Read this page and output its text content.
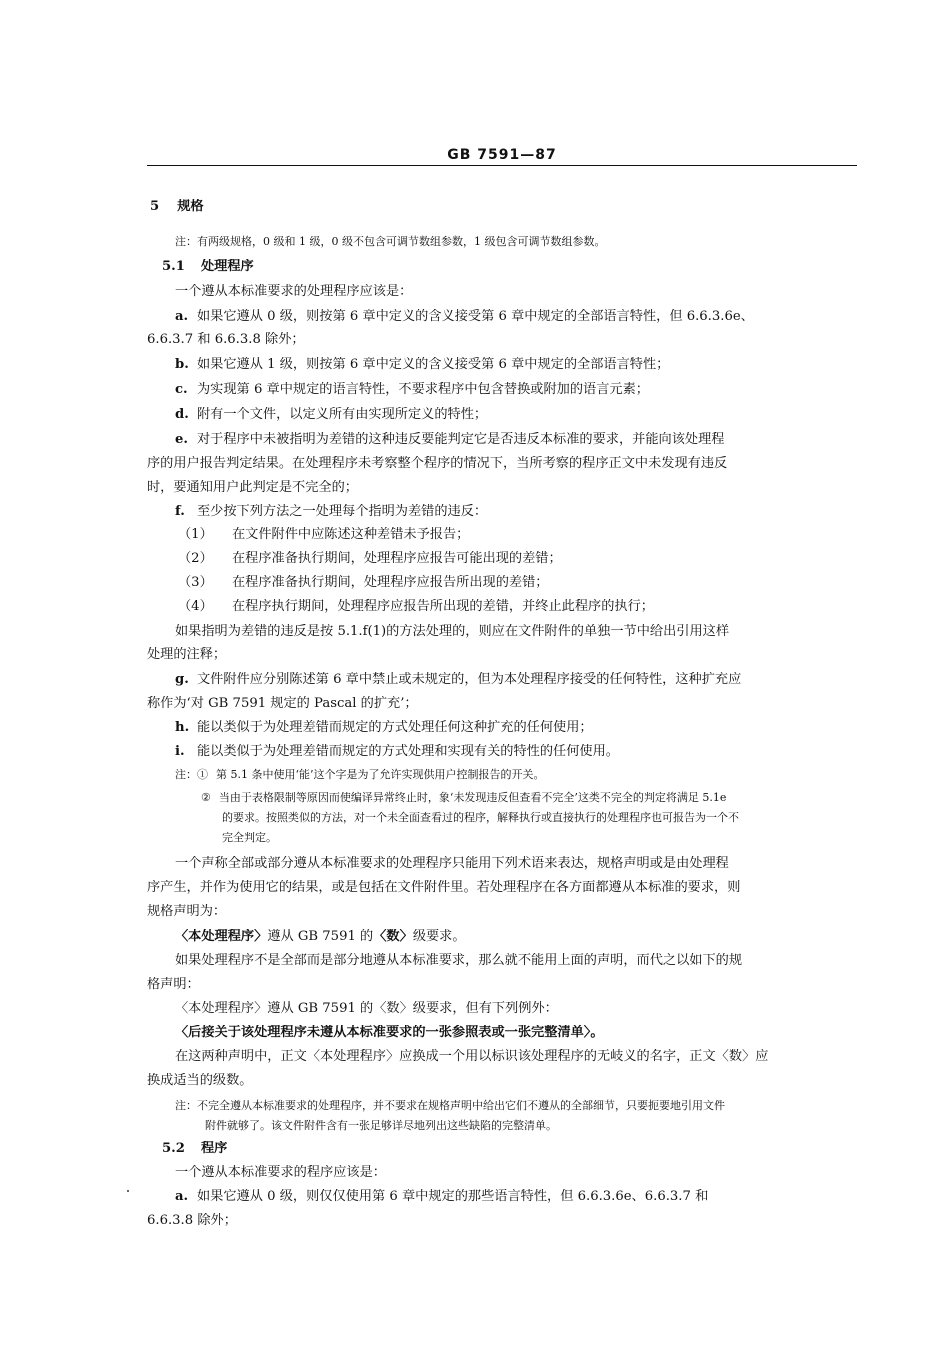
GB 7591—87
5 规格
注：有两级规格，0 级和 1 级，0 级不包含可调节数组参数，1 级包含可调节数组参数。
5.1 处理程序
一个遵从本标准要求的处理程序应该是：
a. 如果它遵从 0 级，则按第 6 章中定义的含义接受第 6 章中规定的全部语言特性，但 6.6.3.6e、
6.6.3.7 和 6.6.3.8 除外；
b. 如果它遵从 1 级，则按第 6 章中定义的含义接受第 6 章中规定的全部语言特性；
c. 为实现第 6 章中规定的语言特性，不要求程序中包含替换或附加的语言元素；
d. 附有一个文件，以定义所有由实现所定义的特性；
e. 对于程序中未被指明为差错的这种违反要能判定它是否违反本标准的要求，并能向该处理程
序的用户报告判定结果。在处理程序未考察整个程序的情况下，当所考察的程序正文中未发现有违反
时，要通知用户此判定是不完全的；
f. 至少按下列方法之一处理每个指明为差错的违反：
（1） 在文件附件中应陈述这种差错未予报告；
（2） 在程序准备执行期间，处理程序应报告可能出现的差错；
（3） 在程序准备执行期间，处理程序应报告所出现的差错；
（4） 在程序执行期间，处理程序应报告所出现的差错，并终止此程序的执行；
如果指明为差错的违反是按 5.1.f(1)的方法处理的，则应在文件附件的单独一节中给出引用这样
处理的注释；
g. 文件附件应分别陈述第 6 章中禁止或未规定的，但为本处理程序接受的任何特性，这种扩充应
称作为‘对 GB 7591 规定的 Pascal 的扩充’；
h. 能以类似于为处理差错而规定的方式处理任何这种扩充的任何使用；
i. 能以类似于为处理差错而规定的方式处理和实现有关的特性的任何使用。
注：① 第 5.1 条中使用‘能’这个字是为了允许实现供用户控制报告的开关。
② 当由于表格限制等原因而使编译异常终止时，象‘未发现违反但查看不完全’这类不完全的判定将满足 5.1e
的要求。按照类似的方法，对一个未全面查看过的程序，解释执行或直接执行的处理程序也可报告为一个不
完全判定。
一个声称全部或部分遵从本标准要求的处理程序只能用下列术语来表达，规格声明或是由处理程
序产生，并作为使用它的结果，或是包括在文件附件里。若处理程序在各方面都遵从本标准的要求，则
规格声明为：
〈本处理程序〉遵从 GB 7591 的〈数〉级要求。
如果处理程序不是全部而是部分地遵从本标准要求，那么就不能用上面的声明，而代之以如下的规
格声明：
〈本处理程序〉遵从 GB 7591 的〈数〉级要求，但有下列例外：
〈后接关于该处理程序未遵从本标准要求的一张参照表或一张完整清单〉。
在这两种声明中，正文〈本处理程序〉应换成一个用以标识该处理程序的无岐义的名字，正文〈数〉应
换成适当的级数。
注：不完全遵从本标准要求的处理程序，并不要求在规格声明中给出它们不遵从的全部细节，只要扼要地引用文件
附件就够了。该文件附件含有一张足够详尽地列出这些缺陷的完整清单。
5.2 程序
一个遵从本标准要求的程序应该是：
a. 如果它遵从 0 级，则仅仅使用第 6 章中规定的那些语言特性，但 6.6.3.6e、6.6.3.7 和
6.6.3.8 除外；
